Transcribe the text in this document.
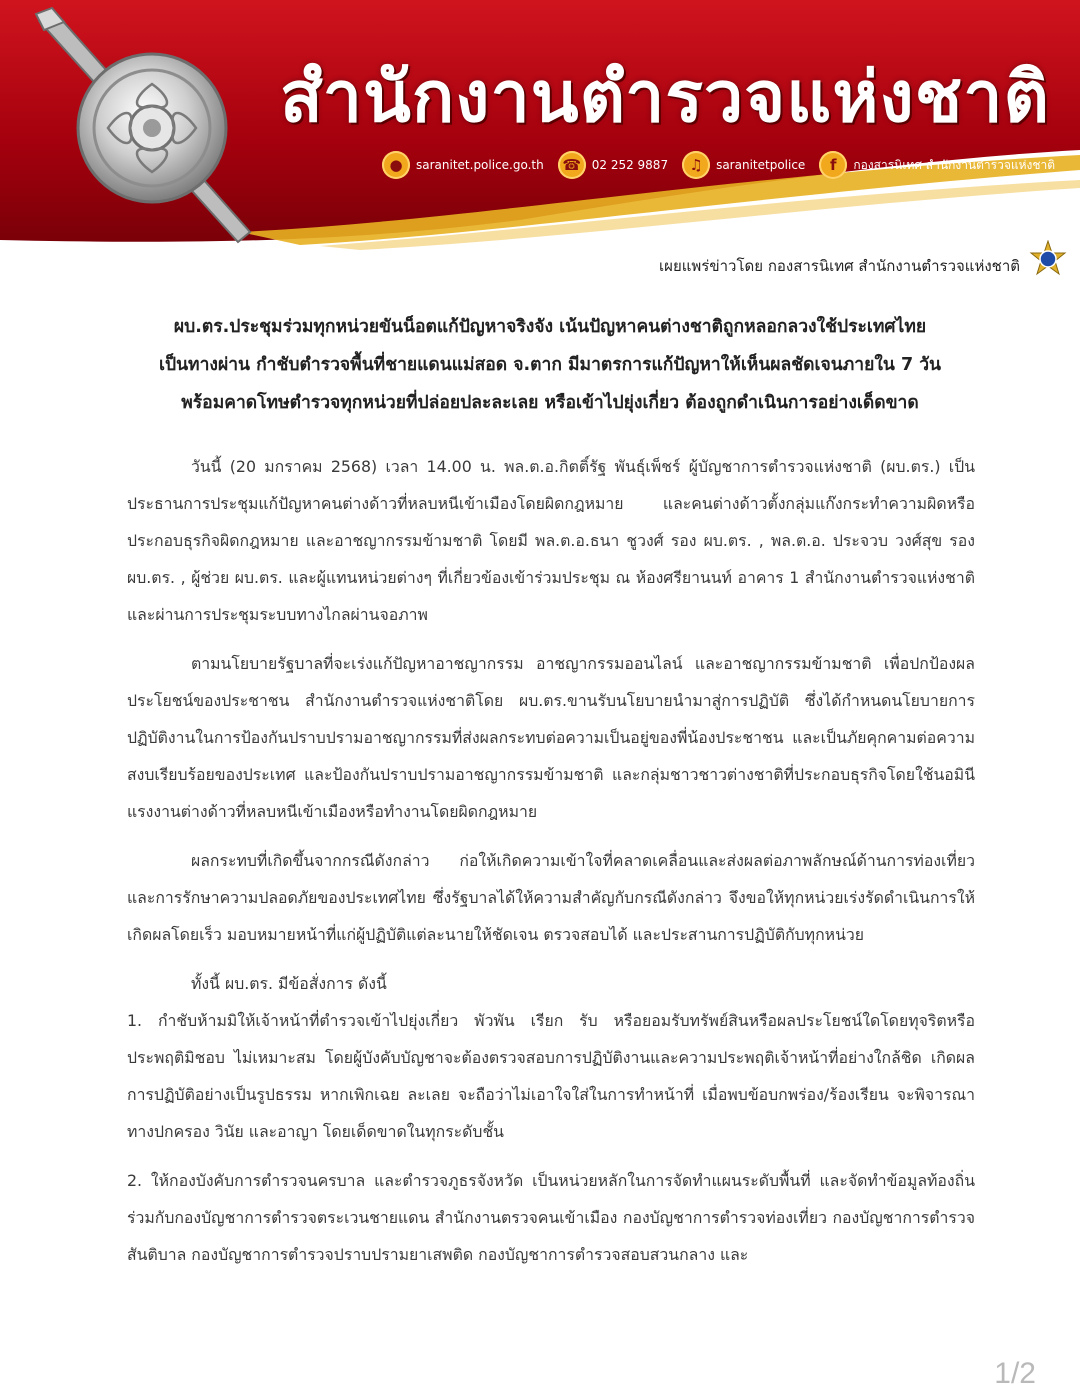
สำนักงานตำรวจแห่งชาติ
●	saranitet.police.go.th	☎ 02 252 9887	♫	saranitetpolice	f	กองสารนิเทศ สำนักงานตำรวจแห่งชาติ
เผยแพร่ข่าวโดย กองสารนิเทศ สำนักงานตำรวจแห่งชาติ
ผบ.ตร.ประชุมร่วมทุกหน่วยขันน็อตแก้ปัญหาจริงจัง เน้นปัญหาคนต่างชาติถูกหลอกลวงใช้ประเทศไทย
เป็นทางผ่าน กำชับตำรวจพื้นที่ชายแดนแม่สอด จ.ตาก มีมาตรการแก้ปัญหาให้เห็นผลชัดเจนภายใน 7 วัน
พร้อมคาดโทษตำรวจทุกหน่วยที่ปล่อยปละละเลย หรือเข้าไปยุ่งเกี่ยว ต้องถูกดำเนินการอย่างเด็ดขาด

วันนี้ (20 มกราคม 2568) เวลา 14.00 น. พล.ต.อ.กิตติ์รัฐ พันธุ์เพ็ชร์ ผู้บัญชาการตำรวจแห่งชาติ (ผบ.ตร.) เป็นประธานการประชุมแก้ปัญหาคนต่างด้าวที่หลบหนีเข้าเมืองโดยผิดกฎหมาย และคนต่างด้าวตั้งกลุ่มแก๊งกระทำความผิดหรือประกอบธุรกิจผิดกฎหมาย และอาชญากรรมข้ามชาติ โดยมี พล.ต.อ.ธนา ชูวงศ์ รอง ผบ.ตร. , พล.ต.อ. ประจวบ วงศ์สุข รอง ผบ.ตร. , ผู้ช่วย ผบ.ตร. และผู้แทนหน่วยต่างๆ ที่เกี่ยวข้องเข้าร่วมประชุม ณ ห้องศรียานนท์ อาคาร 1 สำนักงานตำรวจแห่งชาติ และผ่านการประชุมระบบทางไกลผ่านจอภาพ

ตามนโยบายรัฐบาลที่จะเร่งแก้ปัญหาอาชญากรรม อาชญากรรมออนไลน์ และอาชญากรรมข้ามชาติ เพื่อปกป้องผลประโยชน์ของประชาชน สำนักงานตำรวจแห่งชาติโดย ผบ.ตร.ขานรับนโยบายนำมาสู่การปฏิบัติ ซึ่งได้กำหนดนโยบายการปฏิบัติงานในการป้องกันปราบปรามอาชญากรรมที่ส่งผลกระทบต่อความเป็นอยู่ของพี่น้องประชาชน และเป็นภัยคุกคามต่อความสงบเรียบร้อยของประเทศ และป้องกันปราบปรามอาชญากรรมข้ามชาติ และกลุ่มชาวชาวต่างชาติที่ประกอบธุรกิจโดยใช้นอมินี แรงงานต่างด้าวที่หลบหนีเข้าเมืองหรือทำงานโดยผิดกฎหมาย

ผลกระทบที่เกิดขึ้นจากกรณีดังกล่าว ก่อให้เกิดความเข้าใจที่คลาดเคลื่อนและส่งผลต่อภาพลักษณ์ด้านการท่องเที่ยว และการรักษาความปลอดภัยของประเทศไทย ซึ่งรัฐบาลได้ให้ความสำคัญกับกรณีดังกล่าว จึงขอให้ทุกหน่วยเร่งรัดดำเนินการให้เกิดผลโดยเร็ว มอบหมายหน้าที่แก่ผู้ปฏิบัติแต่ละนายให้ชัดเจน ตรวจสอบได้ และประสานการปฏิบัติกับทุกหน่วย

ทั้งนี้ ผบ.ตร. มีข้อสั่งการ ดังนี้

1. กำชับห้ามมิให้เจ้าหน้าที่ตำรวจเข้าไปยุ่งเกี่ยว พัวพัน เรียก รับ หรือยอมรับทรัพย์สินหรือผลประโยชน์ใดโดยทุจริตหรือประพฤติมิชอบ ไม่เหมาะสม โดยผู้บังคับบัญชาจะต้องตรวจสอบการปฏิบัติงานและความประพฤติเจ้าหน้าที่อย่างใกล้ชิด เกิดผลการปฏิบัติอย่างเป็นรูปธรรม หากเพิกเฉย ละเลย จะถือว่าไม่เอาใจใส่ในการทำหน้าที่ เมื่อพบข้อบกพร่อง/ร้องเรียน จะพิจารณาทางปกครอง วินัย และอาญา โดยเด็ดขาดในทุกระดับชั้น

2. ให้กองบังคับการตำรวจนครบาล และตำรวจภูธรจังหวัด เป็นหน่วยหลักในการจัดทำแผนระดับพื้นที่ และจัดทำข้อมูลท้องถิ่นร่วมกับกองบัญชาการตำรวจตระเวนชายแดน สำนักงานตรวจคนเข้าเมือง กองบัญชาการตำรวจท่องเที่ยว กองบัญชาการตำรวจสันติบาล กองบัญชาการตำรวจปราบปรามยาเสพติด กองบัญชาการตำรวจสอบสวนกลาง และ

1/2
